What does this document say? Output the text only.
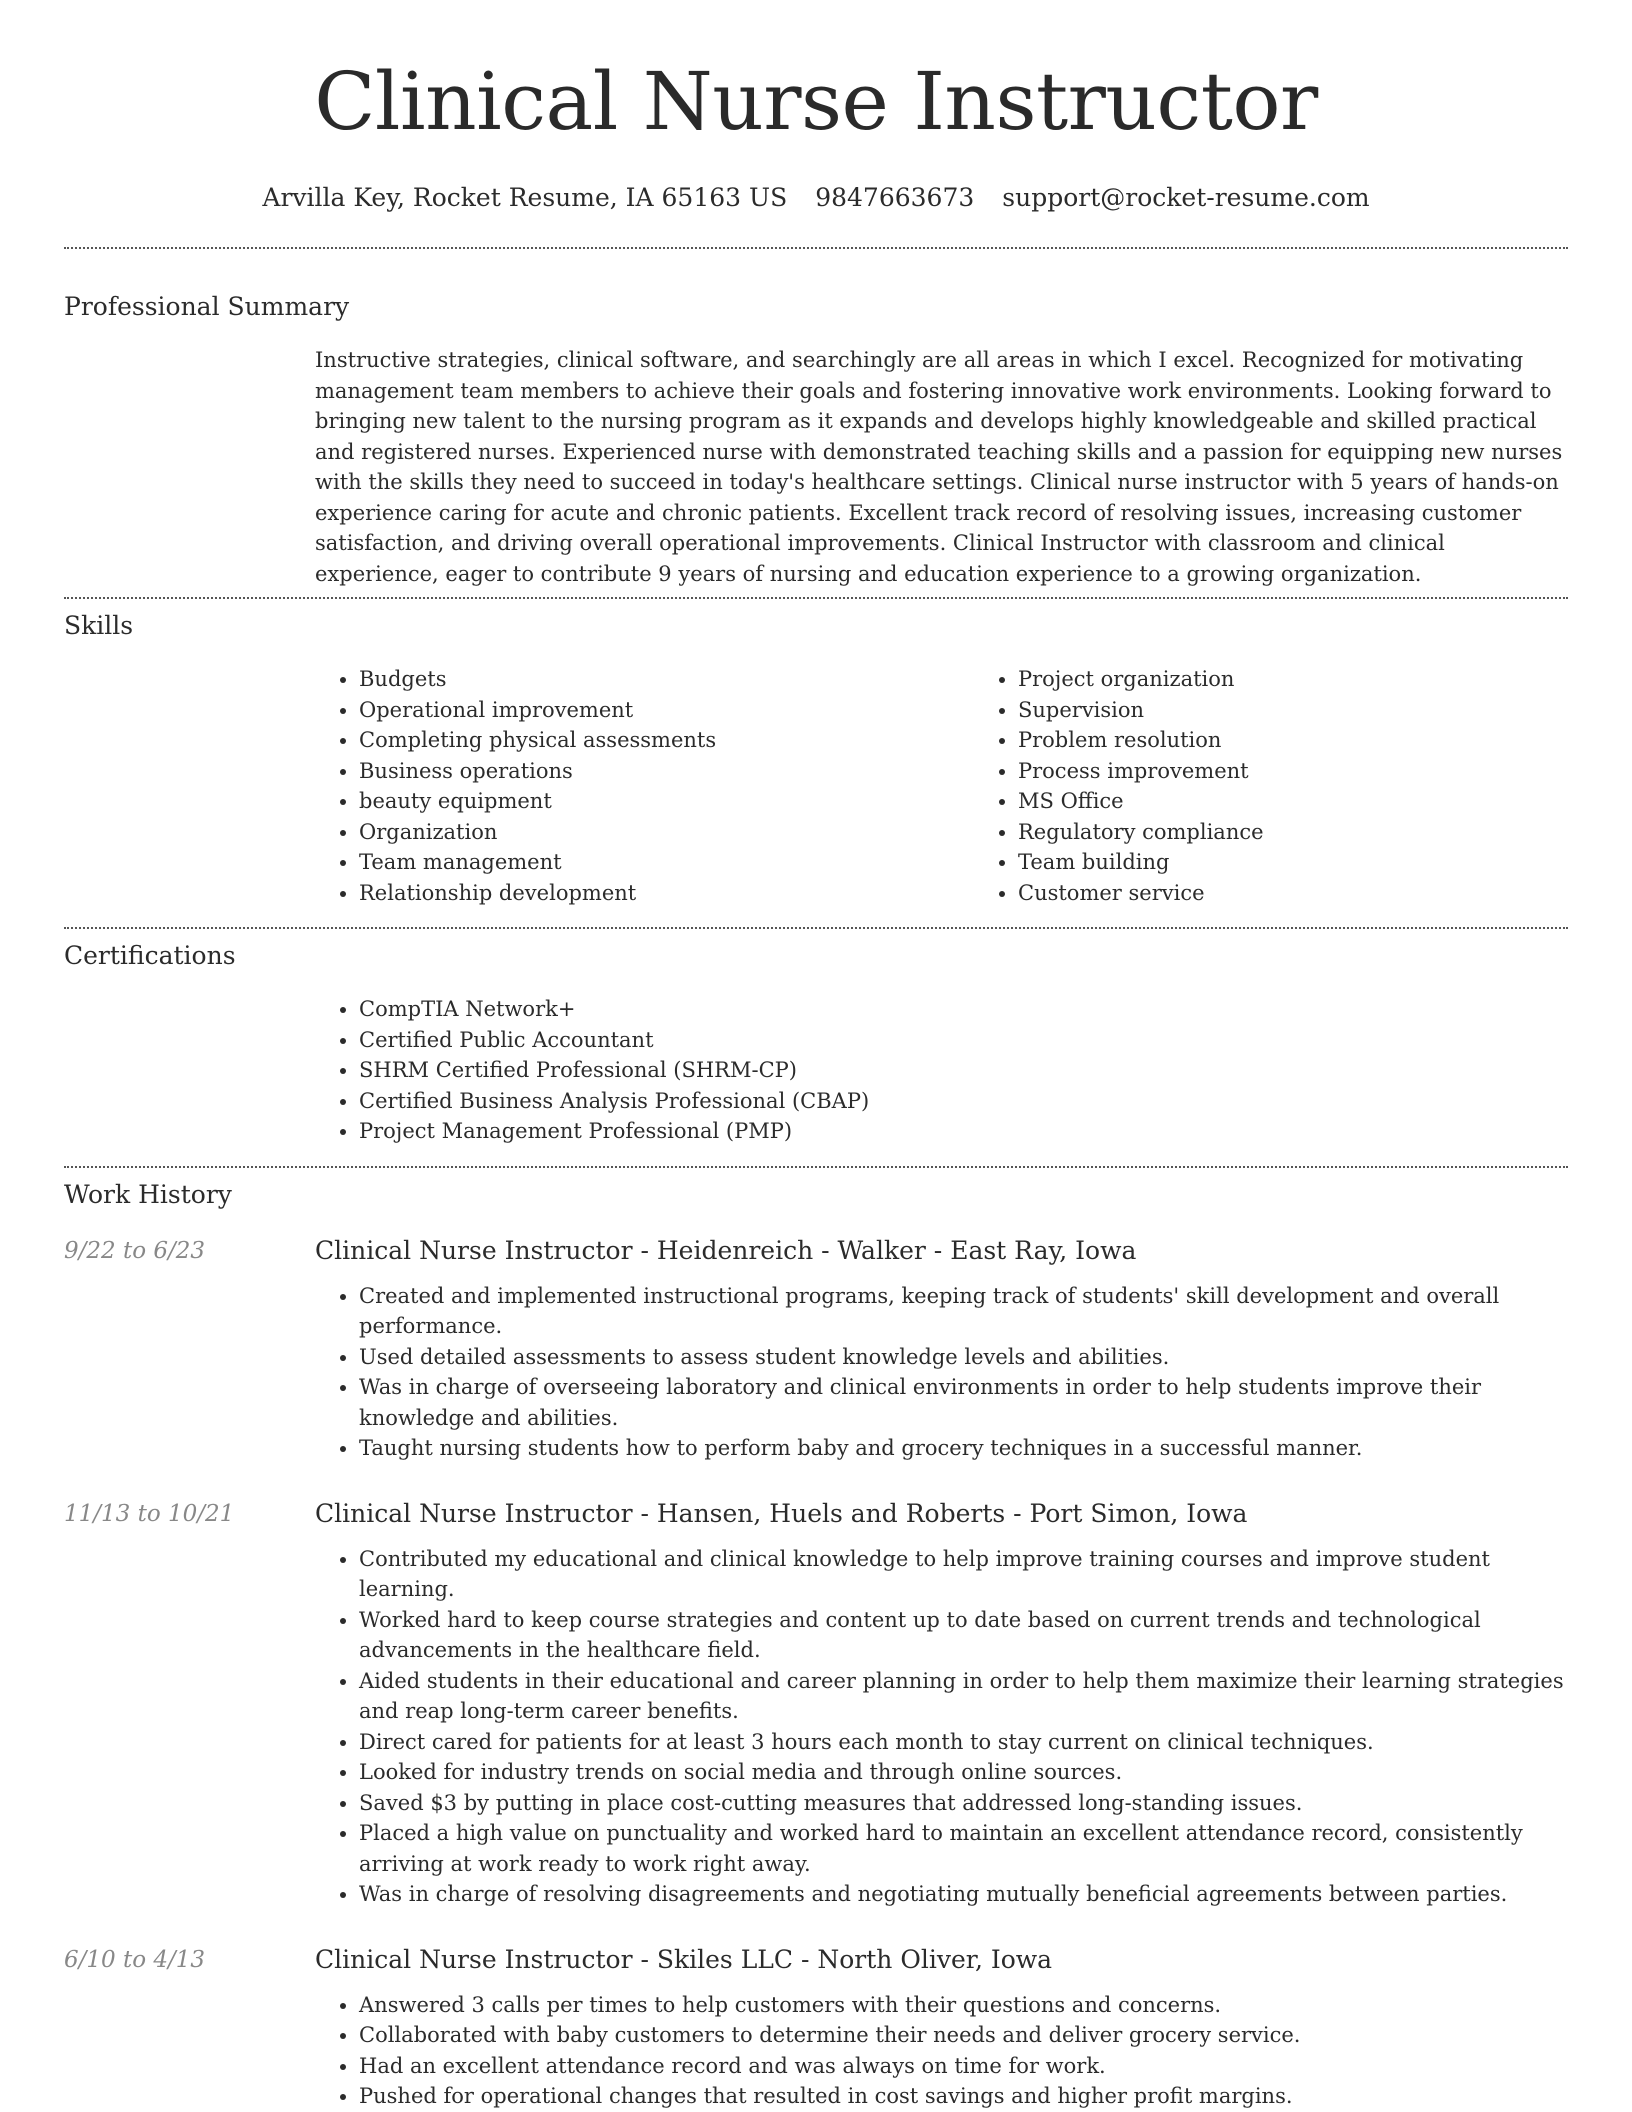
Clinical Nurse Instructor
Arvilla Key, Rocket Resume, IA 65163 US 9847663673 support@rocket-resume.com
Professional Summary
Instructive strategies, clinical software, and searchingly are all areas in which I excel. Recognized for motivating management team members to achieve their goals and fostering innovative work environments. Looking forward to bringing new talent to the nursing program as it expands and develops highly knowledgeable and skilled practical and registered nurses. Experienced nurse with demonstrated teaching skills and a passion for equipping new nurses with the skills they need to succeed in today's healthcare settings. Clinical nurse instructor with 5 years of hands-on experience caring for acute and chronic patients. Excellent track record of resolving issues, increasing customer satisfaction, and driving overall operational improvements. Clinical Instructor with classroom and clinical experience, eager to contribute 9 years of nursing and education experience to a growing organization.
Skills
• Budgets
• Operational improvement
• Completing physical assessments
• Business operations
• beauty equipment
• Organization
• Team management
• Relationship development
• Project organization
• Supervision
• Problem resolution
• Process improvement
• MS Office
• Regulatory compliance
• Team building
• Customer service
Certifications
• CompTIA Network+
• Certified Public Accountant
• SHRM Certified Professional (SHRM-CP)
• Certified Business Analysis Professional (CBAP)
• Project Management Professional (PMP)
Work History
9/22 to 6/23	Clinical Nurse Instructor - Heidenreich - Walker - East Ray, Iowa
• Created and implemented instructional programs, keeping track of students' skill development and overall performance.
• Used detailed assessments to assess student knowledge levels and abilities.
• Was in charge of overseeing laboratory and clinical environments in order to help students improve their knowledge and abilities.
• Taught nursing students how to perform baby and grocery techniques in a successful manner.
11/13 to 10/21	Clinical Nurse Instructor - Hansen, Huels and Roberts - Port Simon, Iowa
• Contributed my educational and clinical knowledge to help improve training courses and improve student learning.
• Worked hard to keep course strategies and content up to date based on current trends and technological advancements in the healthcare field.
• Aided students in their educational and career planning in order to help them maximize their learning strategies and reap long-term career benefits.
• Direct cared for patients for at least 3 hours each month to stay current on clinical techniques.
• Looked for industry trends on social media and through online sources.
• Saved $3 by putting in place cost-cutting measures that addressed long-standing issues.
• Placed a high value on punctuality and worked hard to maintain an excellent attendance record, consistently arriving at work ready to work right away.
• Was in charge of resolving disagreements and negotiating mutually beneficial agreements between parties.
6/10 to 4/13	Clinical Nurse Instructor - Skiles LLC - North Oliver, Iowa
• Answered 3 calls per times to help customers with their questions and concerns.
• Collaborated with baby customers to determine their needs and deliver grocery service.
• Had an excellent attendance record and was always on time for work.
• Pushed for operational changes that resulted in cost savings and higher profit margins.
